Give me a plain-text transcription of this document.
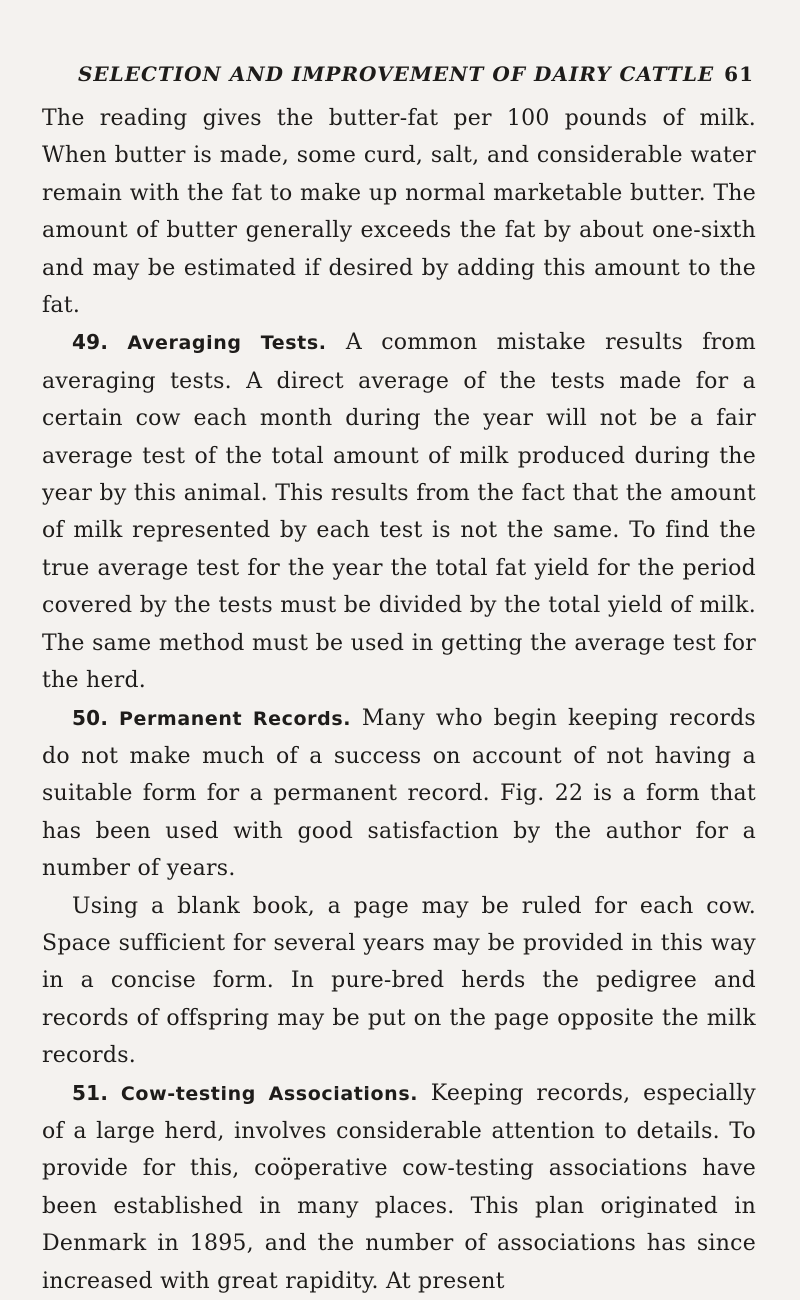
SELECTION AND IMPROVEMENT OF DAIRY CATTLE 61

The reading gives the butter-fat per 100 pounds of milk. When butter is made, some curd, salt, and considerable water remain with the fat to make up normal marketable butter. The amount of butter generally exceeds the fat by about one-sixth and may be estimated if desired by adding this amount to the fat.

49. Averaging Tests. A common mistake results from averaging tests. A direct average of the tests made for a certain cow each month during the year will not be a fair average test of the total amount of milk produced during the year by this animal. This results from the fact that the amount of milk represented by each test is not the same. To find the true average test for the year the total fat yield for the period covered by the tests must be divided by the total yield of milk. The same method must be used in getting the average test for the herd.

50. Permanent Records. Many who begin keeping records do not make much of a success on account of not having a suitable form for a permanent record. Fig. 22 is a form that has been used with good satisfaction by the author for a number of years.

Using a blank book, a page may be ruled for each cow. Space sufficient for several years may be provided in this way in a concise form. In pure-bred herds the pedigree and records of offspring may be put on the page opposite the milk records.

51. Cow-testing Associations. Keeping records, especially of a large herd, involves considerable attention to details. To provide for this, coöperative cow-testing associations have been established in many places. This plan originated in Denmark in 1895, and the number of associations has since increased with great rapidity. At present
